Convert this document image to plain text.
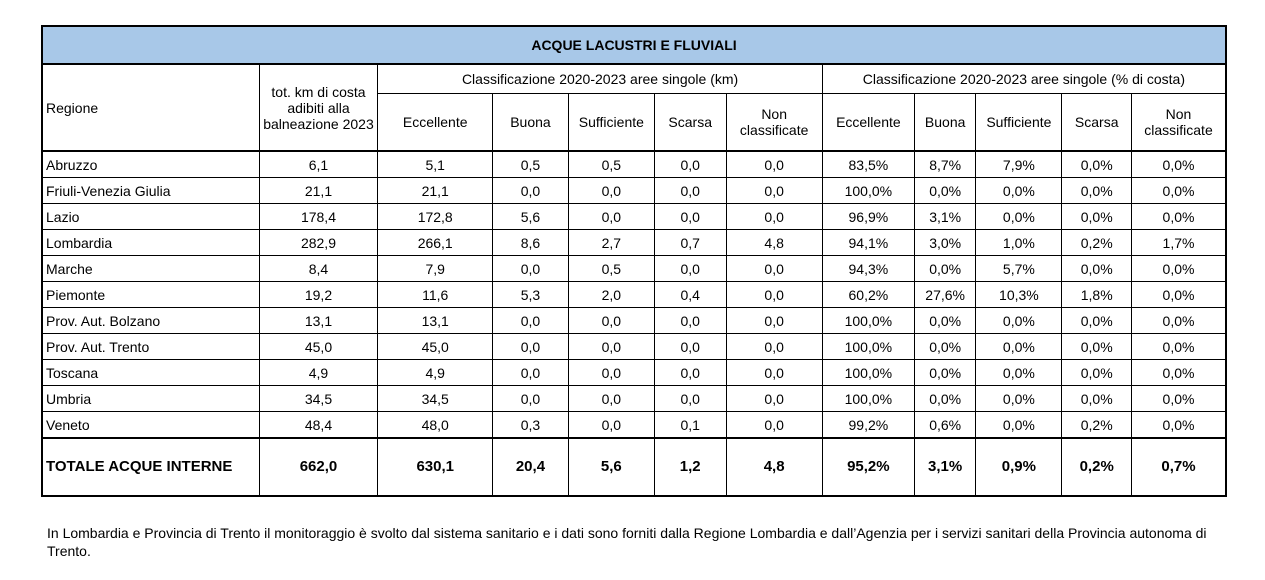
ACQUE LACUSTRI E FLUVIALI											
Regione	tot. km di costa adibiti alla balneazione 2023	Classificazione 2020-2023 aree singole (km)					Classificazione 2020-2023 aree singole (% di costa)				
		Eccellente	Buona	Sufficiente	Scarsa	Non classificate	Eccellente	Buona	Sufficiente	Scarsa	Non classificate
Abruzzo	6,1	5,1	0,5	0,5	0,0	0,0	83,5%	8,7%	7,9%	0,0%	0,0%
Friuli-Venezia Giulia	21,1	21,1	0,0	0,0	0,0	0,0	100,0%	0,0%	0,0%	0,0%	0,0%
Lazio	178,4	172,8	5,6	0,0	0,0	0,0	96,9%	3,1%	0,0%	0,0%	0,0%
Lombardia	282,9	266,1	8,6	2,7	0,7	4,8	94,1%	3,0%	1,0%	0,2%	1,7%
Marche	8,4	7,9	0,0	0,5	0,0	0,0	94,3%	0,0%	5,7%	0,0%	0,0%
Piemonte	19,2	11,6	5,3	2,0	0,4	0,0	60,2%	27,6%	10,3%	1,8%	0,0%
Prov. Aut. Bolzano	13,1	13,1	0,0	0,0	0,0	0,0	100,0%	0,0%	0,0%	0,0%	0,0%
Prov. Aut. Trento	45,0	45,0	0,0	0,0	0,0	0,0	100,0%	0,0%	0,0%	0,0%	0,0%
Toscana	4,9	4,9	0,0	0,0	0,0	0,0	100,0%	0,0%	0,0%	0,0%	0,0%
Umbria	34,5	34,5	0,0	0,0	0,0	0,0	100,0%	0,0%	0,0%	0,0%	0,0%
Veneto	48,4	48,0	0,3	0,0	0,1	0,0	99,2%	0,6%	0,0%	0,2%	0,0%
TOTALE ACQUE INTERNE	662,0	630,1	20,4	5,6	1,2	4,8	95,2%	3,1%	0,9%	0,2%	0,7%
In Lombardia e Provincia di Trento il monitoraggio è svolto dal sistema sanitario e i dati sono forniti dalla Regione Lombardia e dall’Agenzia per i servizi sanitari della Provincia autonoma di Trento.
